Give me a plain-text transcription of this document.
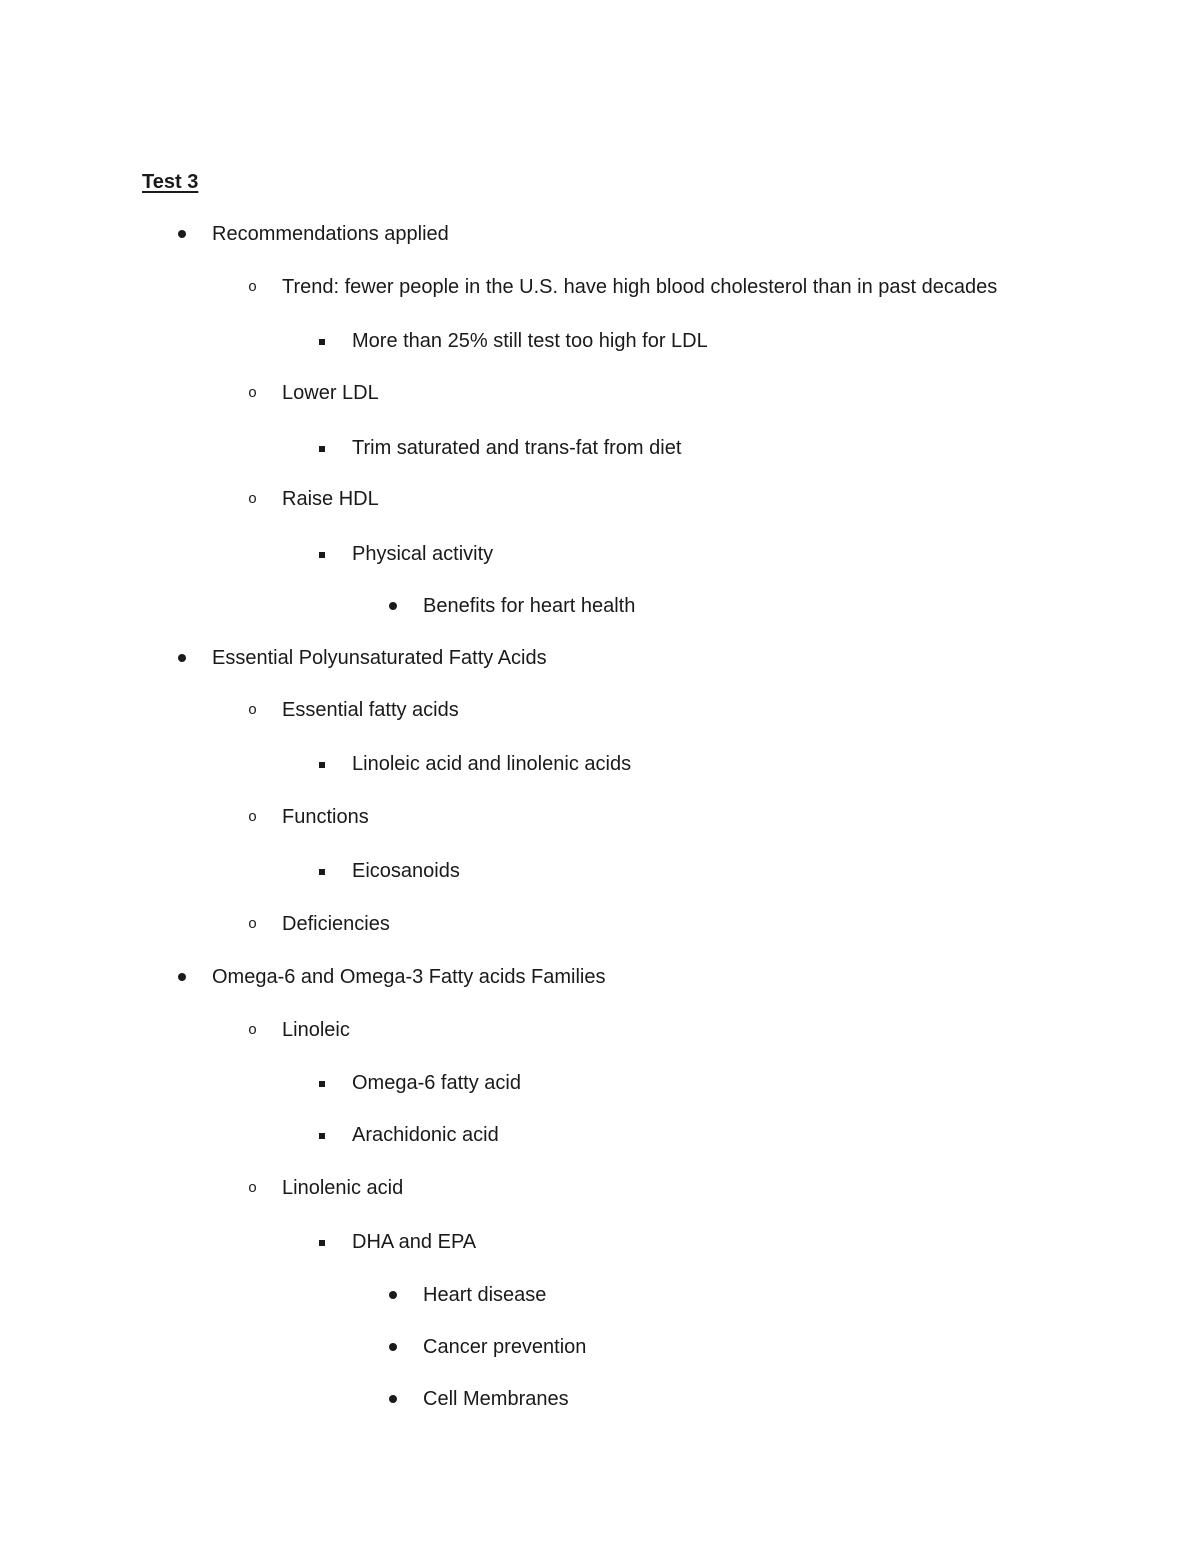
Test 3
Recommendations applied
o
Trend: fewer people in the U.S. have high blood cholesterol than in past decades
More than 25% still test too high for LDL
o
Lower LDL
Trim saturated and trans-fat from diet
o
Raise HDL
Physical activity
Benefits for heart health
Essential Polyunsaturated Fatty Acids
o
Essential fatty acids
Linoleic acid and linolenic acids
o
Functions
Eicosanoids
o
Deficiencies
Omega-6 and Omega-3 Fatty acids Families
o
Linoleic
Omega-6 fatty acid
Arachidonic acid
o
Linolenic acid
DHA and EPA
Heart disease
Cancer prevention
Cell Membranes
